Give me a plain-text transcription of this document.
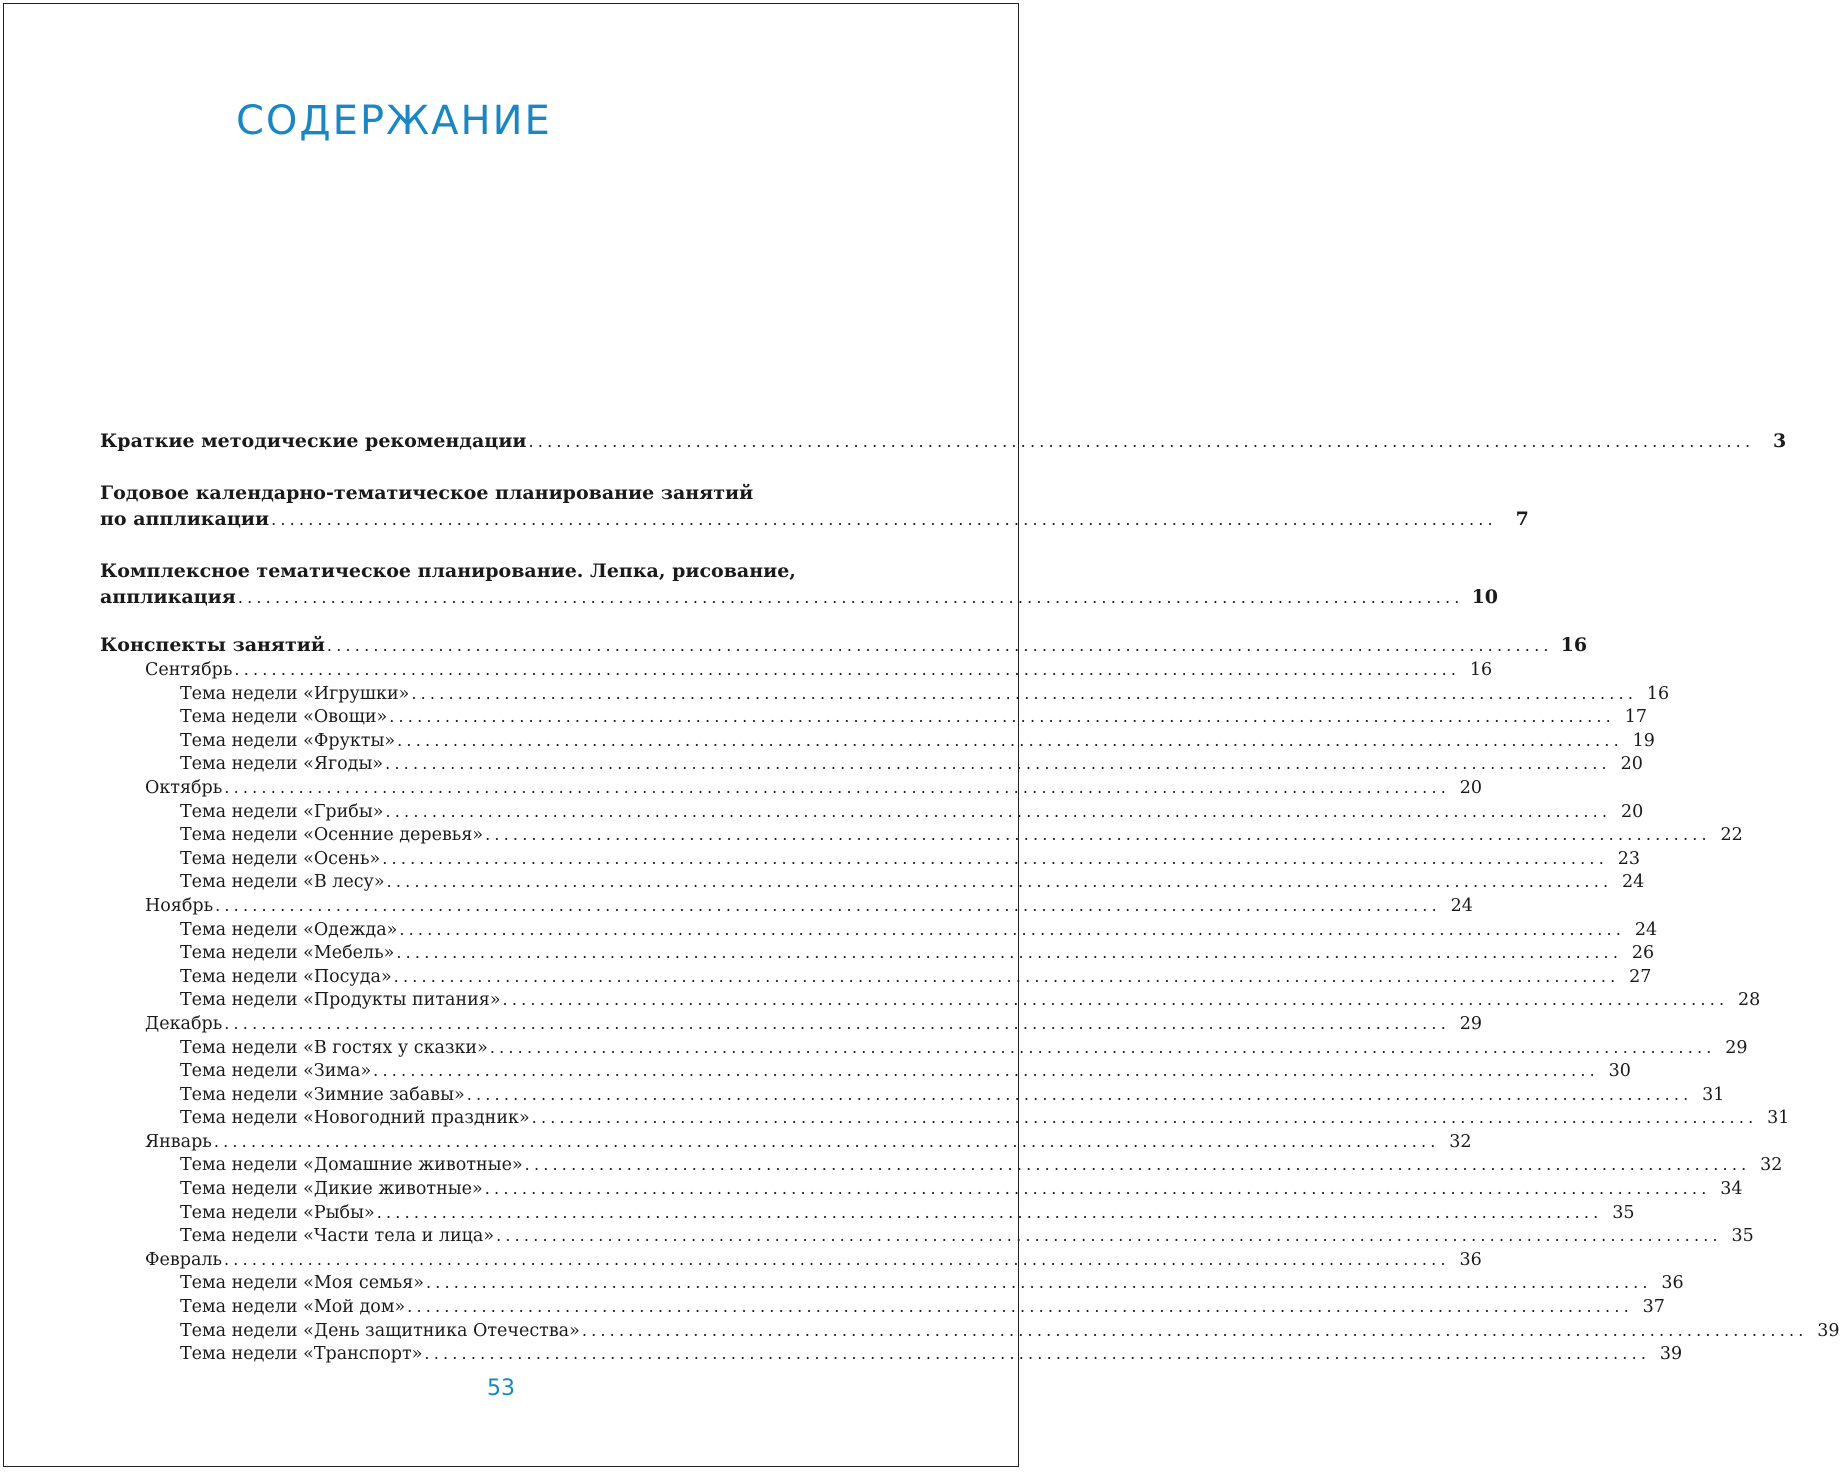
СОДЕРЖАНИЕ
Краткие методические рекомендации .................................................................................................................................... 3
Годовое календарно-тематическое планирование занятий
по аппликации .................................................................................................................................... 7
Комплексное тематическое планирование. Лепка, рисование,
аппликация .................................................................................................................................... 10
Конспекты занятий .................................................................................................................................... 16
Сентябрь .................................................................................................................................... 16
Тема недели «Игрушки» .................................................................................................................................... 16
Тема недели «Овощи» .................................................................................................................................... 17
Тема недели «Фрукты» .................................................................................................................................... 19
Тема недели «Ягоды» .................................................................................................................................... 20
Октябрь .................................................................................................................................... 20
Тема недели «Грибы» .................................................................................................................................... 20
Тема недели «Осенние деревья» .................................................................................................................................... 22
Тема недели «Осень» .................................................................................................................................... 23
Тема недели «В лесу» .................................................................................................................................... 24
Ноябрь .................................................................................................................................... 24
Тема недели «Одежда» .................................................................................................................................... 24
Тема недели «Мебель» .................................................................................................................................... 26
Тема недели «Посуда» .................................................................................................................................... 27
Тема недели «Продукты питания» .................................................................................................................................... 28
Декабрь .................................................................................................................................... 29
Тема недели «В гостях у сказки» .................................................................................................................................... 29
Тема недели «Зима» .................................................................................................................................... 30
Тема недели «Зимние забавы» .................................................................................................................................... 31
Тема недели «Новогодний праздник» .................................................................................................................................... 31
Январь .................................................................................................................................... 32
Тема недели «Домашние животные» .................................................................................................................................... 32
Тема недели «Дикие животные» .................................................................................................................................... 34
Тема недели «Рыбы» .................................................................................................................................... 35
Тема недели «Части тела и лица» .................................................................................................................................... 35
Февраль .................................................................................................................................... 36
Тема недели «Моя семья» .................................................................................................................................... 36
Тема недели «Мой дом» .................................................................................................................................... 37
Тема недели «День защитника Отечества» .................................................................................................................................... 39
Тема недели «Транспорт» .................................................................................................................................... 39
53
